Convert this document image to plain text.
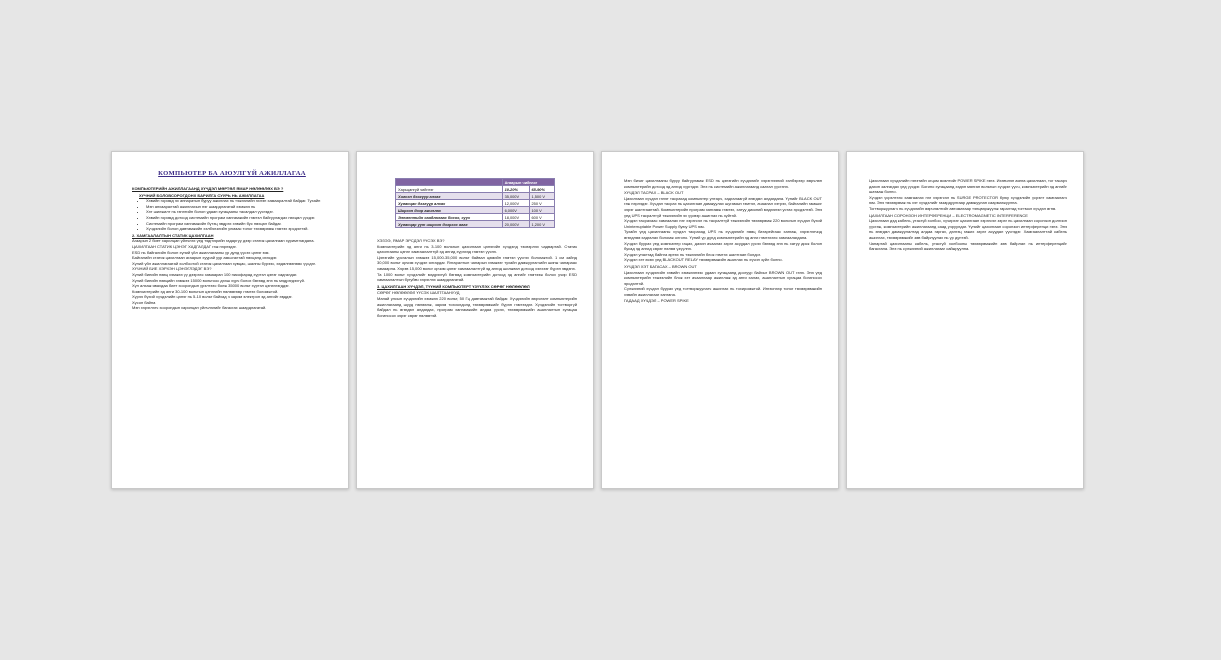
КОМПЬЮТЕР БА АЮУЛГҮЙ АЖИЛЛАГАА

КОМПЬЮТЕРИЙН АЖИЛЛАГААНД ХҮЧДЭЛ МӨРТӨЛ ЯМАР НӨЛӨӨЛӨХ ВЭ ?

ХҮЧНИЙ БОЛОВСОРОГДОНХ БАРИЛГА СУУРЬ НЬ АЖИЛЛАГАА

• Хэвийн горимд эх аппаратын буруу ажиллах нь тэжээлийн эхлэн хамааралтай байдаг. Тухайн
• Мэн анхааралтай ажиллахын нэг шаардлагатай хэмжээ нь
• Хэт шилжилт нь гэнэтийн болон удаан хугацааны тасалдал үүсгэдэг.
• Хэвийн горимд дотоод системийн програм хангамжийн гэмтэл байгуулагдах нөхцөл үүсдэг.
• Системийн програм хангамжийн бүтэц эвдрэх хэвийн бус нөхцөл байдаг.
• Хүчдэлийн болон давтамжийн хэлбэлзлийн улмаас тоног төхөөрөмж гэмтэх эрсдэлтэй.

2. ХАМГААЛАЛТЫН СТАТИК ЦАХИЛГААН

Агаарын 2 биет харилцан үйлчлэх үед тэдгээрийн гадаргуу дээр статик цахилгаан хуримтлагдана.

ЦАХИЛГААН СТАТИК ЦЭНЭГ ХАДГАЛДАГ гэж нэрлэдэг.

ESD нь байгалийн болон хүний үйл ажиллагааны үр дүнд үүсэх цэнэг юм.

Байгалийн статик цахилгаан агаарын хуурай уур амьсгалтай нөхцөлд ихэсдэг.

Хүний үйл ажиллагаатай холбоотой статик цахилгаан хувцас, шалны бүрээс, хөдөлгөөнөөс үүсдэг.

ХҮЧНИЙ БИЕ ХЭРХЭН ЦЭНЭГЛЭДЭГ ВЭ?

Хүний биеийн нөөц хэмжээ үү дээрээс хамааран 100 пикофарад хүртэл цэнэг хадгалдаг.

Хүний биеийн нөөцийн хэмжээ 15000 вольтоос дээш хүрч болох бөгөөд энэ нь мэдрэгдэхгүй.

Хүн алхаж явахдаа биет хоорондын үрэлтээс болж 35000 вольт хүртэл цэнэглэгддэг.

Компьютерийн эд анги 30-100 вольтын цэнэгийн нөлөөгөөр гэмтэх боломжтой.

Хүрээ бүхий хүчдэлийн цэнэг нь 5-10 вольт байхад ч зарим электрон эд ангийг эвддэг.

Хүсон байна

Мэн хэрэглэгч хоорондын харилцан үйлчлэлийг багасгах шаардлагатай.

	Агаарын чийглэг	
Харьцангуй чийглэг	10-20%	65-90%
Хивсэн дээгүүр алхах	35,000V	1,500 V
Хуванцан дээгүүр алхах	12,000V	250 V
Ширээн дээр ажиллах	6,000V	100 V
Элементийн саадлалаас босох, суух	18,000V	600 V
Хуванцар уут ширээн дээрээс авах	20,000V	1,200 V

ХЭЗЭЭ, ЯМАР ЭРСДЭЛ ҮҮСЭХ ВЭ?

Компьютерийн эд анги нь 3-100 вольтын цахилгаан цэнэгийн хүчдэлд тэсвэрлэх чадвартай. Статик цахилгааны цэнэг хамгаалалтгүй эд ангид хүрэхэд гэмтэл үүснэ.

Цэнэгийн урсгалын хэмжээ 15,000-35,000 вольт байвал цөмийн гэмтэл үүсгэх боломжтой. 1 см зайнд 30,000 вольт орчим хүчдэл ялгардаг. Ялгаралтын чанарын хэмжээг тухайн дамжуулагчийн шинж чанараас хамаарна. Хэрэв 15,000 вольт орчим цэнэг хамгаалалтгүй эд ангид шилжвэл дотоод хэлхээг бүрэн эвдэнэ.

Та 1000 вольт хүчдэлийг мэдрэхгүй бөгөөд компьютерийн дотоод эд ангийг гэмтээж болох учир ESD хамгаалалтын бугуйвч хэрэглэх шаардлагатай.

3. ЦАХИЛГААН ХҮЧДЭЛ, ТҮҮНИЙ КОМПЬЮТЕРТ ҮЗҮҮЛЭХ СӨРӨГ НӨЛӨӨЛӨЛ

СӨРӨГ НӨЛӨӨЛӨЛ ҮҮСЭХ ШАЛТГААНУУД

Манай улсын хүчдэлийн хэмжээ 220 вольт, 50 Гц давтамжтай байдаг. Хүчдэлийн өөрчлөлт компьютерийн ажиллагаанд шууд нөлөөлж, зарим тохиолдолд төхөөрөмжийг бүрэн гэмтээдэг. Хүчдэлийн тогтворгүй байдал нь өгөгдөл алдагдах, програм хангамжийн алдаа үүсэх, төхөөрөмжийн ашиглалтын хугацаа богиносох зэрэг сөрөг нөлөөтэй.

Мэн бичиг цахилгааны буруу байгууламж ESD нь цэнэгийн хүчдэлийг хэрэглээний хэлбэрээр өөрчлөн компьютерийн дотоод эд ангид хүргэдэг. Энэ нь системийн ажиллагаанд саатал үүсгэнэ.

ХҮЧДЭЛ ТАСРАХ – BLACK OUT

Цахилгаан хүчдэл гэнэт тасрахад компьютер унтарч, хадгалаагүй өгөгдөл алдагдана. Үүнийг BLACK OUT гэж нэрлэдэг. Хүчдэл тасрах нь цахилгаан дамжуулах шугамын гэмтэл, ачаалал хэтрэх, байгалийн гамшиг зэрэг шалтгаантай. Компьютерийн програм хангамж гэмтэх, хатуу дискний мэдээлэл устах эрсдэлтэй. Энэ үед UPS тасралтгүй тэжээлийн эх үүсвэр ашиглах нь зүйтэй.

Хүчдэл тасрахаас хамгаалах нэг хэрэгсэл нь тасралтгүй тэжээлийн төхөөрөмж 220 вольтын хүчдэл бүхий Uninterruptable Power Supply буюу UPS юм.

Тухайн үед цахилгааны хүчдэл тасрахад UPS нь хүчдэлийг нөөц батарейгаас хангаж, хэрэглэгчид өгөгдлөө хадгалах боломж олгоно. Үүний үр дүнд компьютерийн эд анги гэмтэхээс хамгаалагдана.

Хүчдэл буурах үед компьютер гацах, дахин ачаалах зэрэг асуудал үүсэх бөгөөд энэ нь хатуу диск болон бусад эд ангид сөрөг нөлөө үзүүлнэ.

Хүчдэл уналтад байнга өртөх нь тэжээлийн блок гэмтэх шалтгаан болдог.

Хүчдэл хэт өсөх үед BLACKOUT RELAY төхөөрөмжийн ашиглах нь хүчин зүйл болно.

ХҮЧДЭЛ ХЭТ БАГАСАХ – BROWN OUT

Цахилгаан хүчдэлийн хэвийн хэмжээнээс удаан хугацаанд доогуур байхыг BROWN OUT гэнэ. Энэ үед компьютерийн тэжээлийн блок хэт ачааллаар ажиллаж эд анги халах, ашиглалтын хугацаа богиносох эрсдэлтэй.

Сүлжээний хүчдэл буурах үед тогтворжуулагч ашиглах нь тохиромжтой. Ингэснээр тоног төхөөрөмжийн хэвийн ажиллагааг хангана.

ГАДААД ХҮЧДЭЛ – POWER SPIKE

Цахилгаан хүчдэлийн гэнэтийн огцом өсөлтийг POWER SPIKE гэнэ. Ихэвчлэн аянга цахилгаан, тог тасарч дахин залгагдах үед үүсдэг. Богино хугацаанд хэдэн мянган вольтын хүчдэл үүсч, компьютерийн эд ангийг шатааж болно.

Хүчдэл үсрэлтээс хамгаалах нэг хэрэгсэл нь SURGE PROTECTOR буюу хүчдэлийн үсрэлт хамгаалагч юм. Энэ төхөөрөмж нь хэт хүчдэлийг газардуулгаар дамжуулан саармагжуулна.

Тогтворжуулагч нь хүчдэлийн өөрчлөлтийг автоматаар тэнцвэржүүлж гаралтад тогтмол хүчдэл өгнө.

ЦАХИЛГААН СОРОНЗОН ИНТЕРФЕРЕНЦИ – ELECTROMAGNETIC INTERFERENCE

Цахилгаан дэд кабель, утасгүй холбоо, хүчирхэг цахилгаан хэрэгсэл зэрэг нь цахилгаан соронзон долгион үүсгэж, компьютерийн ажиллагаанд саад учруулдаг. Үүнийг цахилгаан соронзон интерференци гэнэ. Энэ нь өгөгдөл дамжуулалтад алдаа гаргах, дэлгэц гажих зэрэг асуудал үүсгэдэг. Хамгаалалттай кабель ашиглах, төхөөрөмжийг зөв байрлуулах нь үр дүнтэй.

Чанартай цахилгааны кабель, утасгүй холбооны төхөөрөмжийн зөв байрлал нь интерференцийг багасгана. Энэ нь сүлжээний ажиллагааг сайжруулна.
